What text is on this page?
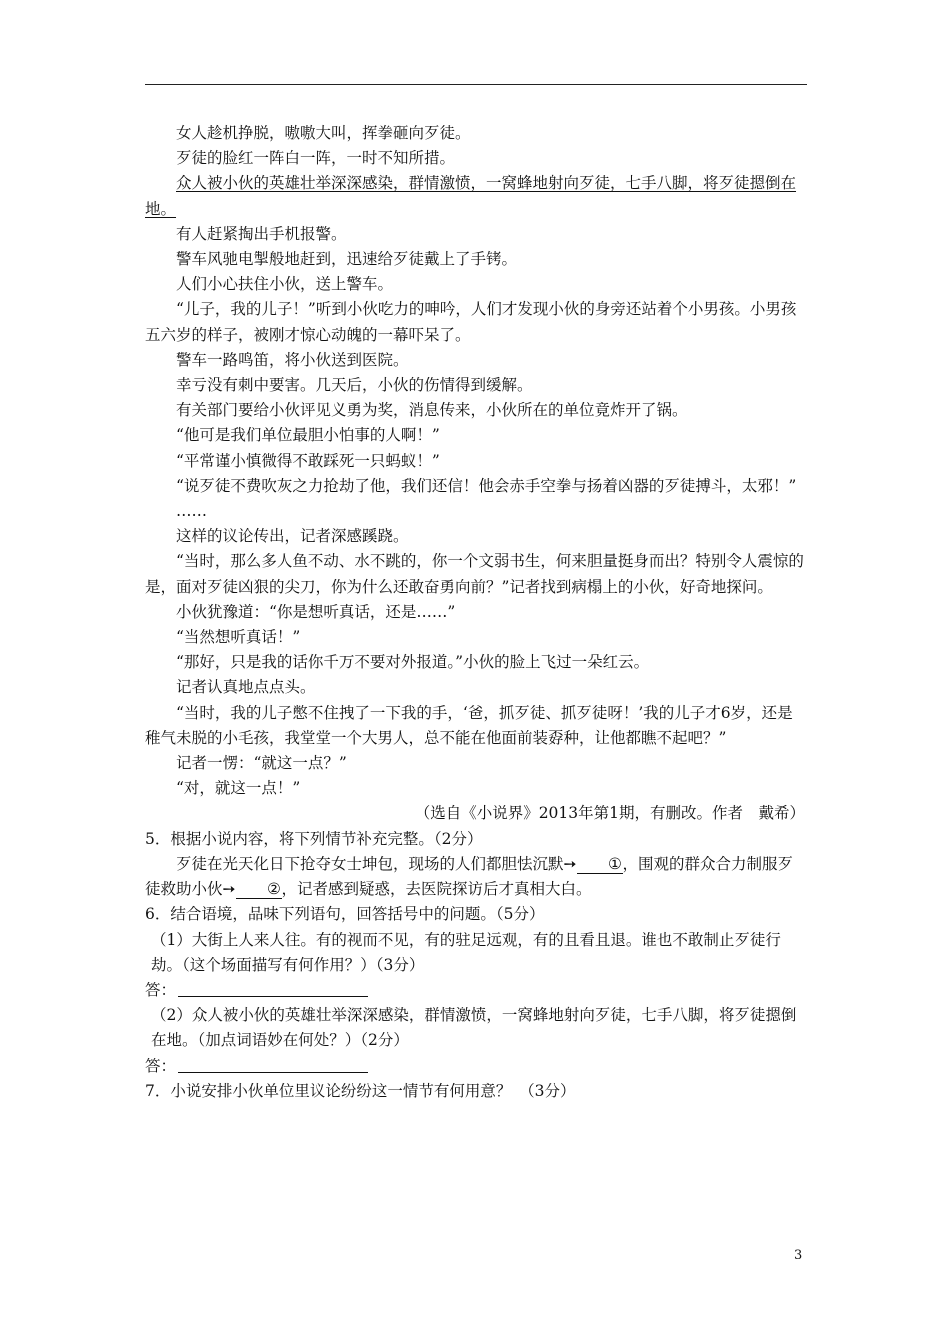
女人趁机挣脱，嗷嗷大叫，挥拳砸向歹徒。

歹徒的脸红一阵白一阵，一时不知所措。

众人被小伙的英雄壮举深深感染，群情激愤，一窝蜂地射向歹徒，七手八脚，将歹徒摁倒在地。

有人赶紧掏出手机报警。

警车风驰电掣般地赶到，迅速给歹徒戴上了手铐。

人们小心扶住小伙，送上警车。

“儿子，我的儿子！”听到小伙吃力的呻吟，人们才发现小伙的身旁还站着个小男孩。小男孩五六岁的样子，被刚才惊心动魄的一幕吓呆了。

警车一路鸣笛，将小伙送到医院。

幸亏没有刺中要害。几天后，小伙的伤情得到缓解。

有关部门要给小伙评见义勇为奖，消息传来，小伙所在的单位竟炸开了锅。

“他可是我们单位最胆小怕事的人啊！”

“平常谨小慎微得不敢踩死一只蚂蚁！”

“说歹徒不费吹灰之力抢劫了他，我们还信！他会赤手空拳与扬着凶器的歹徒搏斗，太邪！”

……

这样的议论传出，记者深感蹊跷。

“当时，那么多人鱼不动、水不跳的，你一个文弱书生，何来胆量挺身而出？特别令人震惊的是，面对歹徒凶狠的尖刀，你为什么还敢奋勇向前？”记者找到病榻上的小伙，好奇地探问。

小伙犹豫道：“你是想听真话，还是……”

“当然想听真话！”

“那好，只是我的话你千万不要对外报道。”小伙的脸上飞过一朵红云。

记者认真地点点头。

“当时，我的儿子憋不住拽了一下我的手，‘爸，抓歹徒、抓歹徒呀！’我的儿子才6岁，还是稚气未脱的小毛孩，我堂堂一个大男人，总不能在他面前装孬种，让他都瞧不起吧？”

记者一愣：“就这一点？”

“对，就这一点！”

（选自《小说界》2013年第1期，有删改。作者　戴希）

5．根据小说内容，将下列情节补充完整。（2分）

歹徒在光天化日下抢夺女士坤包，现场的人们都胆怯沉默➙ ①，围观的群众合力制服歹徒救助小伙➙ ②，记者感到疑惑，去医院探访后才真相大白。

6．结合语境，品味下列语句，回答括号中的问题。（5分）

（1）大街上人来人往。有的视而不见，有的驻足远观，有的且看且退。谁也不敢制止歹徒行劫。（这个场面描写有何作用？）（3分）

答：

（2）众人被小伙的英雄壮举深深感染，群情激愤，一窝蜂地射向歹徒，七手八脚，将歹徒摁倒在地。（加点词语妙在何处？）（2分）

答：

7．小说安排小伙单位里议论纷纷这一情节有何用意？　（3分）

3
